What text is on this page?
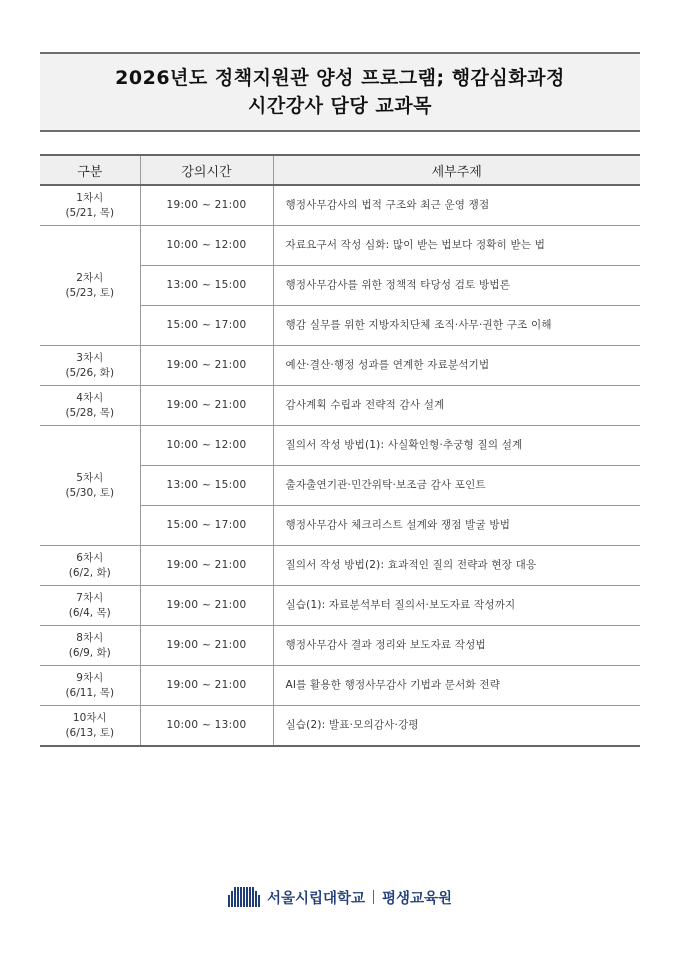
2026년도 정책지원관 양성 프로그램; 행감심화과정
시간강사 담당 교과목
구분	강의시간	세부주제

1차시
(5/21, 목)	19:00 ~ 21:00	행정사무감사의 법적 구조와 최근 운영 쟁점

2차시
(5/23, 토)	10:00 ~ 12:00	자료요구서 작성 심화: 많이 받는 법보다 정확히 받는 법
	13:00 ~ 15:00	행정사무감사를 위한 정책적 타당성 검토 방법론
	15:00 ~ 17:00	행감 실무를 위한 지방자치단체 조직·사무·권한 구조 이해

3차시
(5/26, 화)	19:00 ~ 21:00	예산·결산·행정 성과를 연계한 자료분석기법

4차시
(5/28, 목)	19:00 ~ 21:00	감사계획 수립과 전략적 감사 설계

5차시
(5/30, 토)	10:00 ~ 12:00	질의서 작성 방법(1): 사실확인형·추궁형 질의 설계
	13:00 ~ 15:00	출자출연기관·민간위탁·보조금 감사 포인트
	15:00 ~ 17:00	행정사무감사 체크리스트 설계와 쟁점 발굴 방법

6차시
(6/2, 화)	19:00 ~ 21:00	질의서 작성 방법(2): 효과적인 질의 전략과 현장 대응

7차시
(6/4, 목)	19:00 ~ 21:00	실습(1): 자료분석부터 질의서·보도자료 작성까지

8차시
(6/9, 화)	19:00 ~ 21:00	행정사무감사 결과 정리와 보도자료 작성법

9차시
(6/11, 목)	19:00 ~ 21:00	AI를 활용한 행정사무감사 기법과 문서화 전략

10차시
(6/13, 토)	10:00 ~ 13:00	실습(2): 발표·모의감사·강평
서울시립대학교 평생교육원
